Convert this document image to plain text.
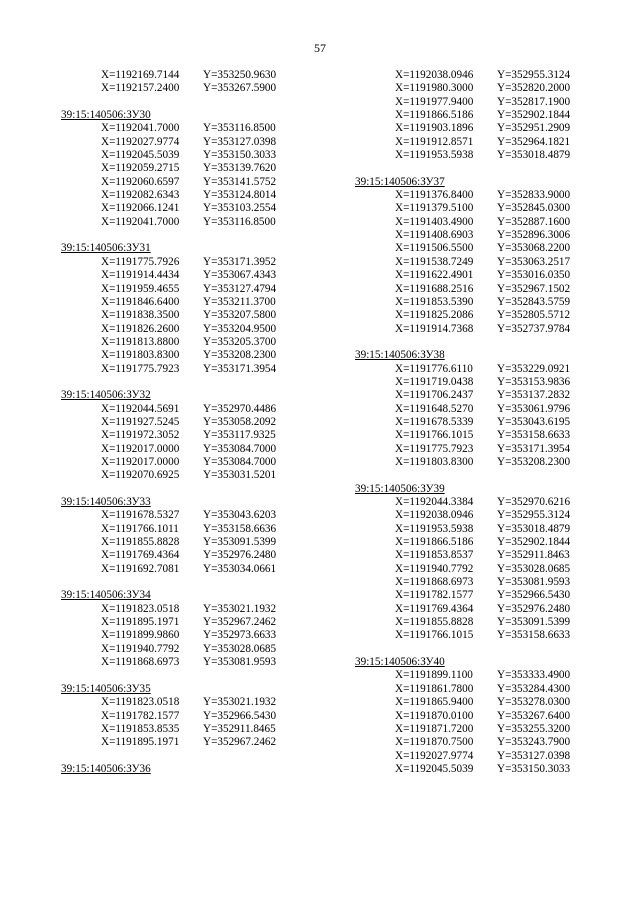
57
X=1192169.7144 Y=353250.9630
X=1192157.2400 Y=353267.5900
39:15:140506:ЗУ30
X=1192041.7000 Y=353116.8500
X=1192027.9774 Y=353127.0398
X=1192045.5039 Y=353150.3033
X=1192059.2715 Y=353139.7620
X=1192060.6597 Y=353141.5752
X=1192082.6343 Y=353124.8014
X=1192066.1241 Y=353103.2554
X=1192041.7000 Y=353116.8500
39:15:140506:ЗУ31
X=1191775.7926 Y=353171.3952
X=1191914.4434 Y=353067.4343
X=1191959.4655 Y=353127.4794
X=1191846.6400 Y=353211.3700
X=1191838.3500 Y=353207.5800
X=1191826.2600 Y=353204.9500
X=1191813.8800 Y=353205.3700
X=1191803.8300 Y=353208.2300
X=1191775.7923 Y=353171.3954
39:15:140506:ЗУ32
X=1192044.5691 Y=352970.4486
X=1191927.5245 Y=353058.2092
X=1191972.3052 Y=353117.9325
X=1192017.0000 Y=353084.7000
X=1192017.0000 Y=353084.7000
X=1192070.6925 Y=353031.5201
39:15:140506:ЗУ33
X=1191678.5327 Y=353043.6203
X=1191766.1011 Y=353158.6636
X=1191855.8828 Y=353091.5399
X=1191769.4364 Y=352976.2480
X=1191692.7081 Y=353034.0661
39:15:140506:ЗУ34
X=1191823.0518 Y=353021.1932
X=1191895.1971 Y=352967.2462
X=1191899.9860 Y=352973.6633
X=1191940.7792 Y=353028.0685
X=1191868.6973 Y=353081.9593
39:15:140506:ЗУ35
X=1191823.0518 Y=353021.1932
X=1191782.1577 Y=352966.5430
X=1191853.8535 Y=352911.8465
X=1191895.1971 Y=352967.2462
39:15:140506:ЗУ36
X=1192038.0946 Y=352955.3124
X=1191980.3000 Y=352820.2000
X=1191977.9400 Y=352817.1900
X=1191866.5186 Y=352902.1844
X=1191903.1896 Y=352951.2909
X=1191912.8571 Y=352964.1821
X=1191953.5938 Y=353018.4879
39:15:140506:ЗУ37
X=1191376.8400 Y=352833.9000
X=1191379.5100 Y=352845.0300
X=1191403.4900 Y=352887.1600
X=1191408.6903 Y=352896.3006
X=1191506.5500 Y=353068.2200
X=1191538.7249 Y=353063.2517
X=1191622.4901 Y=353016.0350
X=1191688.2516 Y=352967.1502
X=1191853.5390 Y=352843.5759
X=1191825.2086 Y=352805.5712
X=1191914.7368 Y=352737.9784
39:15:140506:ЗУ38
X=1191776.6110 Y=353229.0921
X=1191719.0438 Y=353153.9836
X=1191706.2437 Y=353137.2832
X=1191648.5270 Y=353061.9796
X=1191678.5339 Y=353043.6195
X=1191766.1015 Y=353158.6633
X=1191775.7923 Y=353171.3954
X=1191803.8300 Y=353208.2300
39:15:140506:ЗУ39
X=1192044.3384 Y=352970.6216
X=1192038.0946 Y=352955.3124
X=1191953.5938 Y=353018.4879
X=1191866.5186 Y=352902.1844
X=1191853.8537 Y=352911.8463
X=1191940.7792 Y=353028.0685
X=1191868.6973 Y=353081.9593
X=1191782.1577 Y=352966.5430
X=1191769.4364 Y=352976.2480
X=1191855.8828 Y=353091.5399
X=1191766.1015 Y=353158.6633
39:15:140506:ЗУ40
X=1191899.1100 Y=353333.4900
X=1191861.7800 Y=353284.4300
X=1191865.9400 Y=353278.0300
X=1191870.0100 Y=353267.6400
X=1191871.7200 Y=353255.3200
X=1191870.7500 Y=353243.7900
X=1192027.9774 Y=353127.0398
X=1192045.5039 Y=353150.3033
